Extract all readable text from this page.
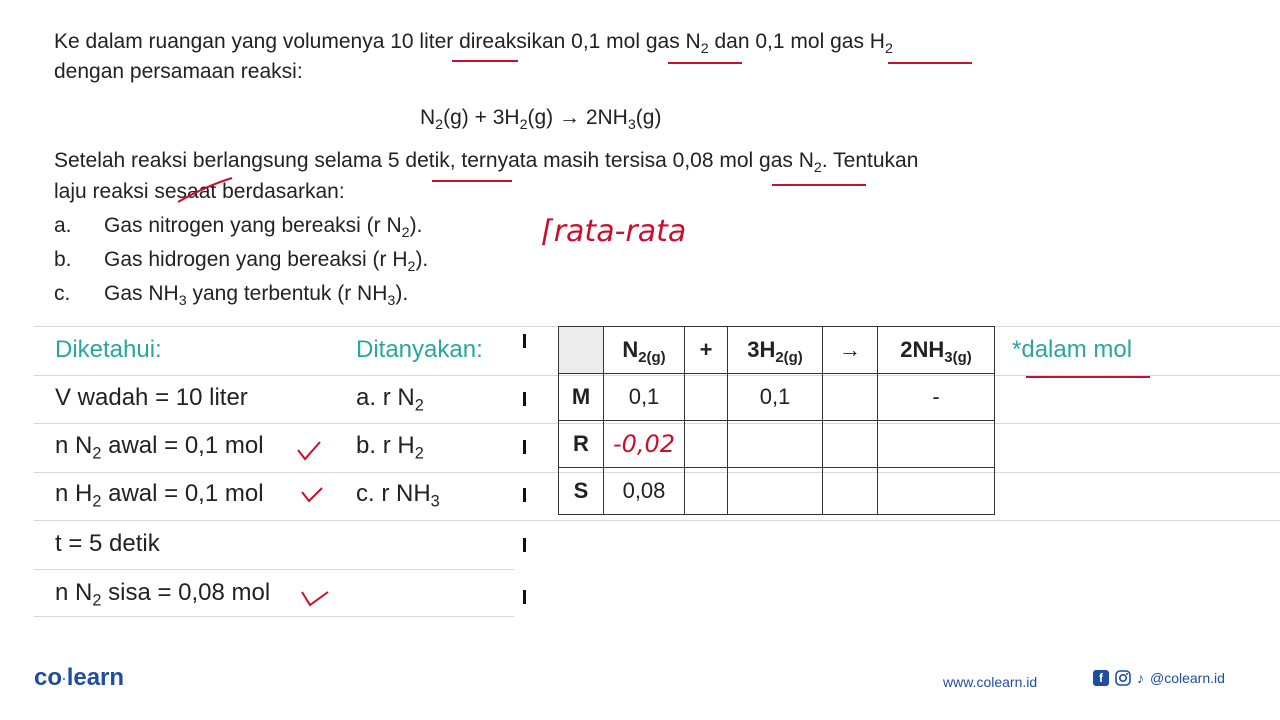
Ke dalam ruangan yang volumenya 10 liter direaksikan 0,1 mol gas $N_2$ dan 0,1 mol gas $H_2$
dengan persamaan reaksi:
$N_2(g) + 3H_2(g) \to 2NH_3(g)$
Setelah reaksi berlangsung selama 5 detik, ternyata masih tersisa 0,08 mol gas $N_2$. Tentukan
laju reaksi sesaat berdasarkan:
a. Gas nitrogen yang bereaksi (r $N_2$).
b. Gas hidrogen yang bereaksi (r $H_2$).
c. Gas $NH_3$ yang terbentuk (r $NH_3$).
⌈rata-rata
Diketahui:
V wadah = 10 liter
n $N_2$ awal = 0,1 mol
n $H_2$ awal = 0,1 mol
t = 5 detik
n $N_2$ sisa = 0,08 mol
Ditanyakan:
a. r $N_2$
b. r $H_2$
c. r $NH_3$
	$N_{2(g)}$	+	$3H_{2(g)}$	→	$2NH_{3(g)}$
M	0,1		0,1		-
R	-0,02				
S	0,08				
*dalam mol
co·learn	www.colearn.id	f	♪ @colearn.id
